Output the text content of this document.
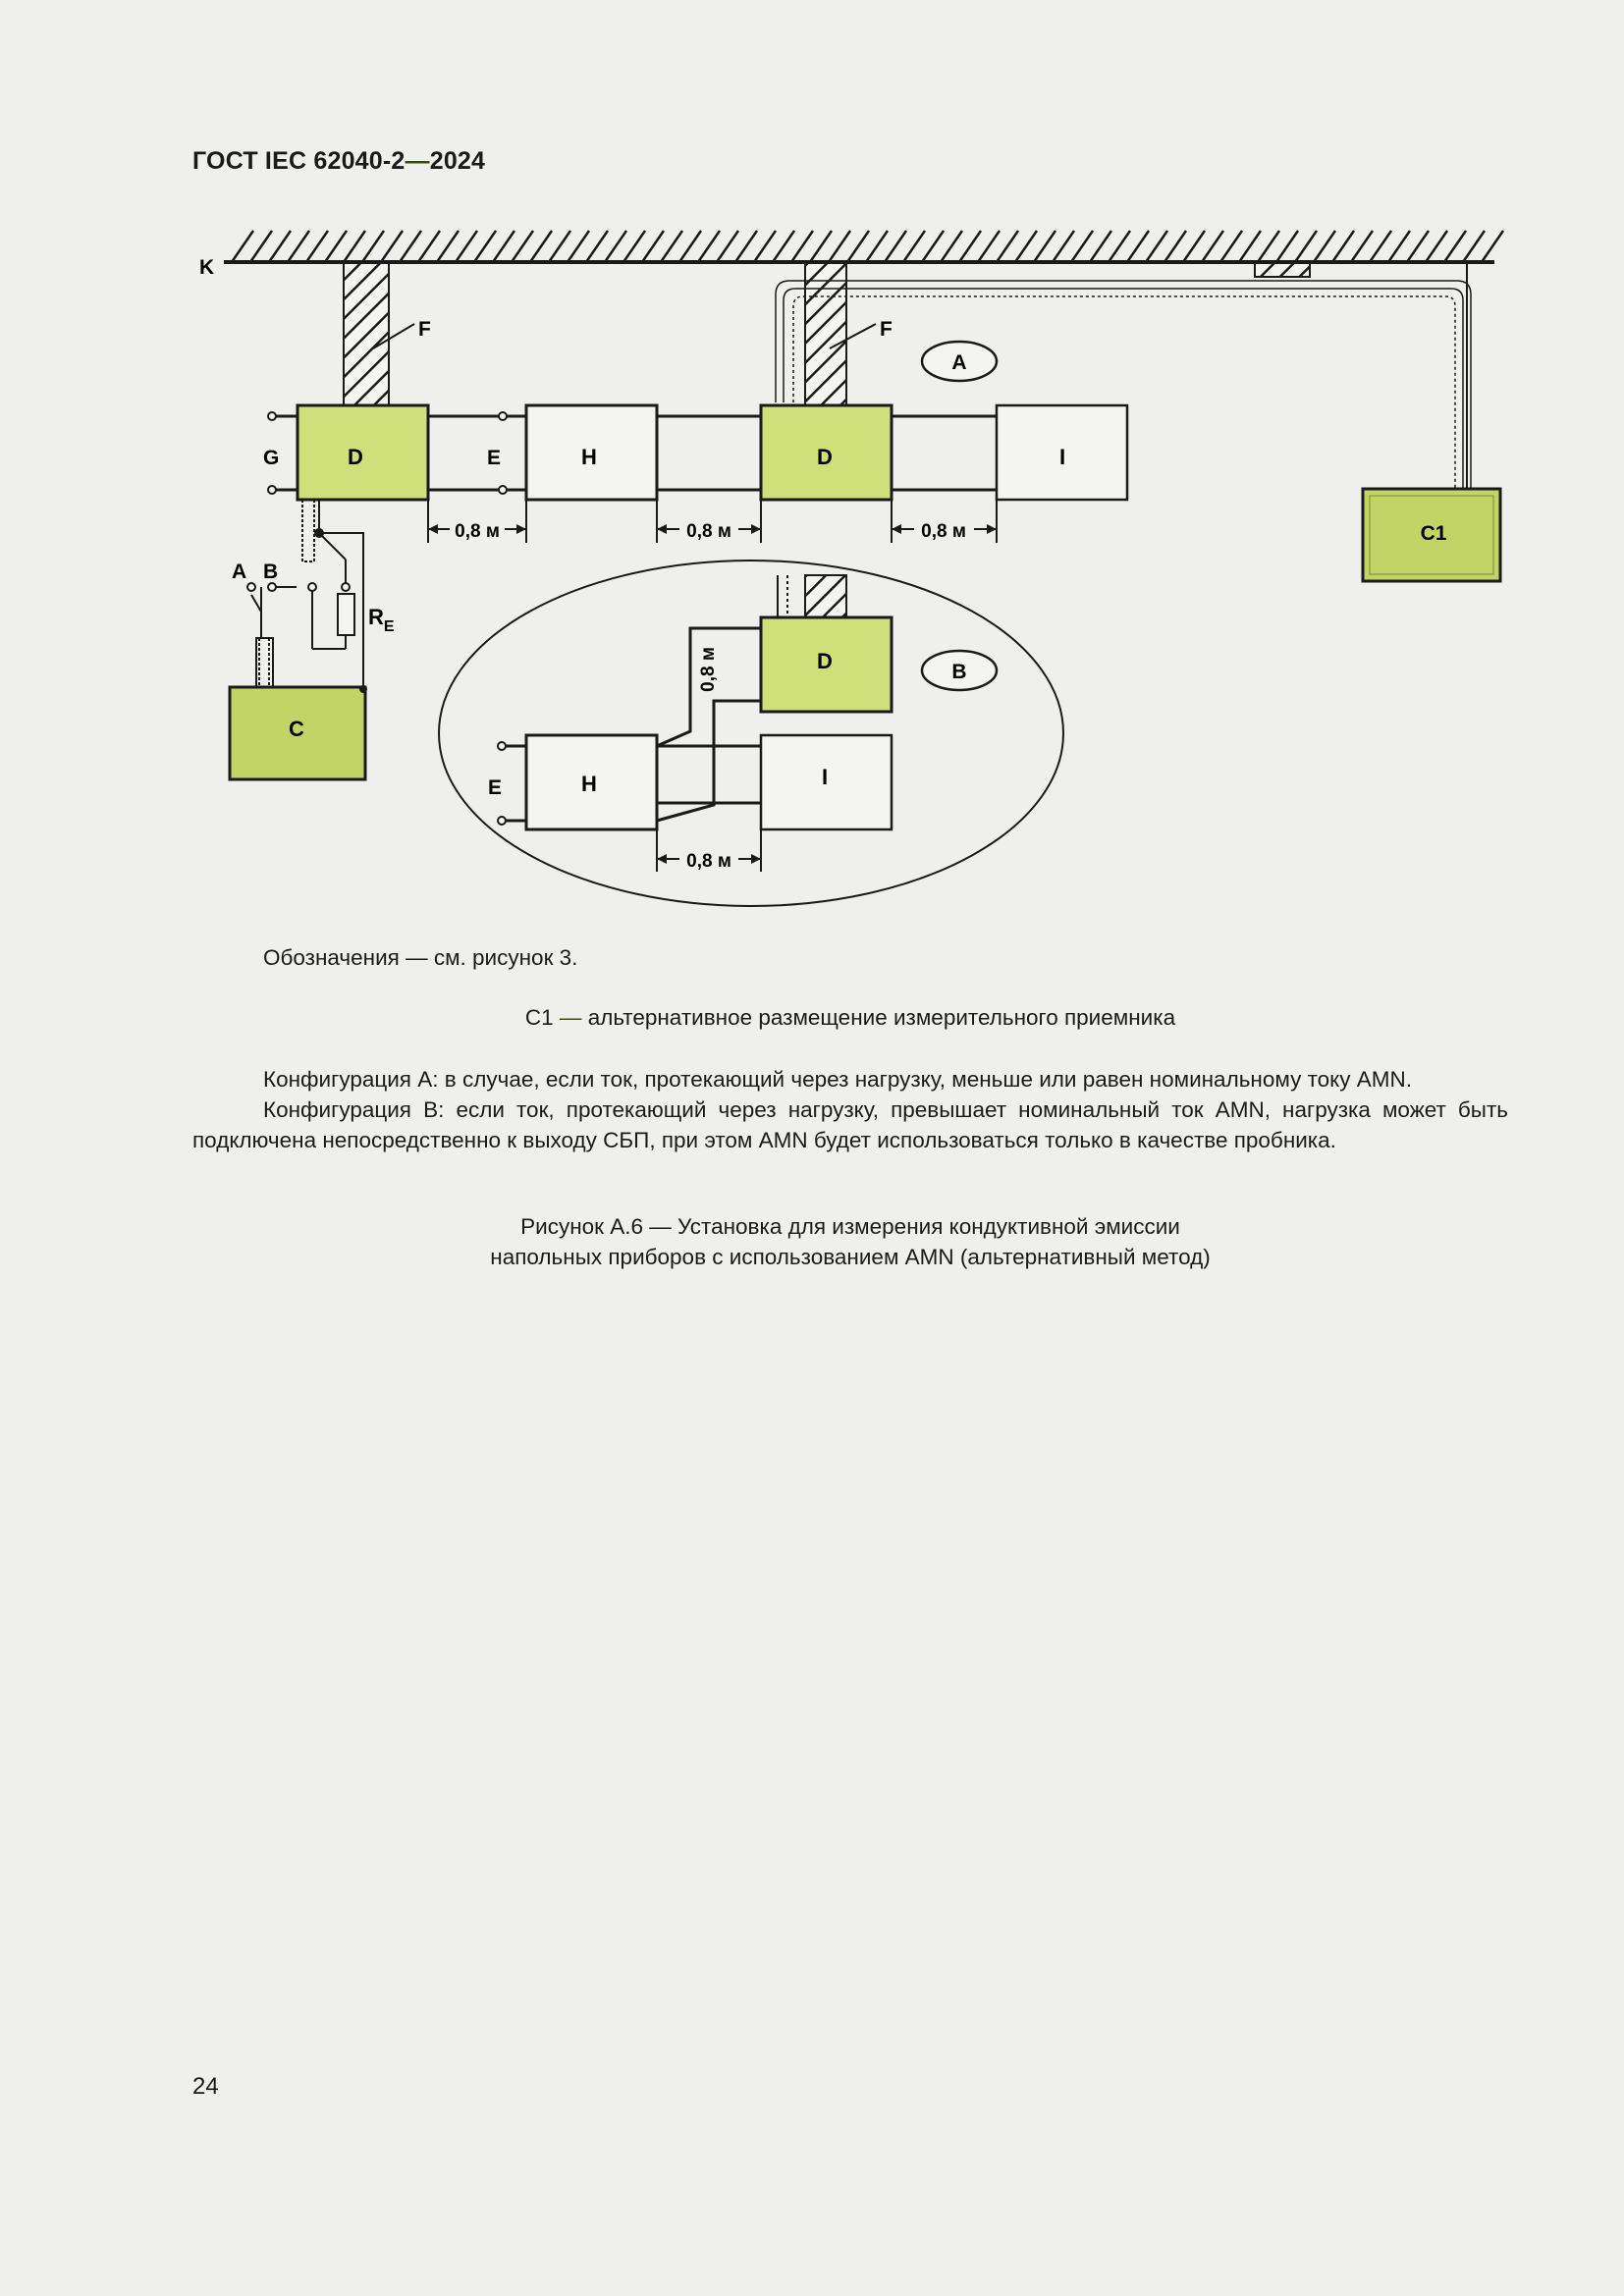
ГОСТ IEC 62040-2—2024
K
F	F
A
D
G	E	H	D	I
C1
0,8 м	0,8 м	0,8 м
A B
$R_E$
C
D	B
0,8 м
E	H	I
0,8 м
Обозначения — см. рисунок 3.
C1 — альтернативное размещение измерительного приемника

Конфигурация А: в случае, если ток, протекающий через нагрузку, меньше или равен номинальному току AMN.

Конфигурация В: если ток, протекающий через нагрузку, превышает номинальный ток AMN, нагрузка может быть подключена непосредственно к выходу СБП, при этом AMN будет использоваться только в качестве пробника.

Рисунок А.6 — Установка для измерения кондуктивной эмиссии
напольных приборов с использованием AMN (альтернативный метод)
24
